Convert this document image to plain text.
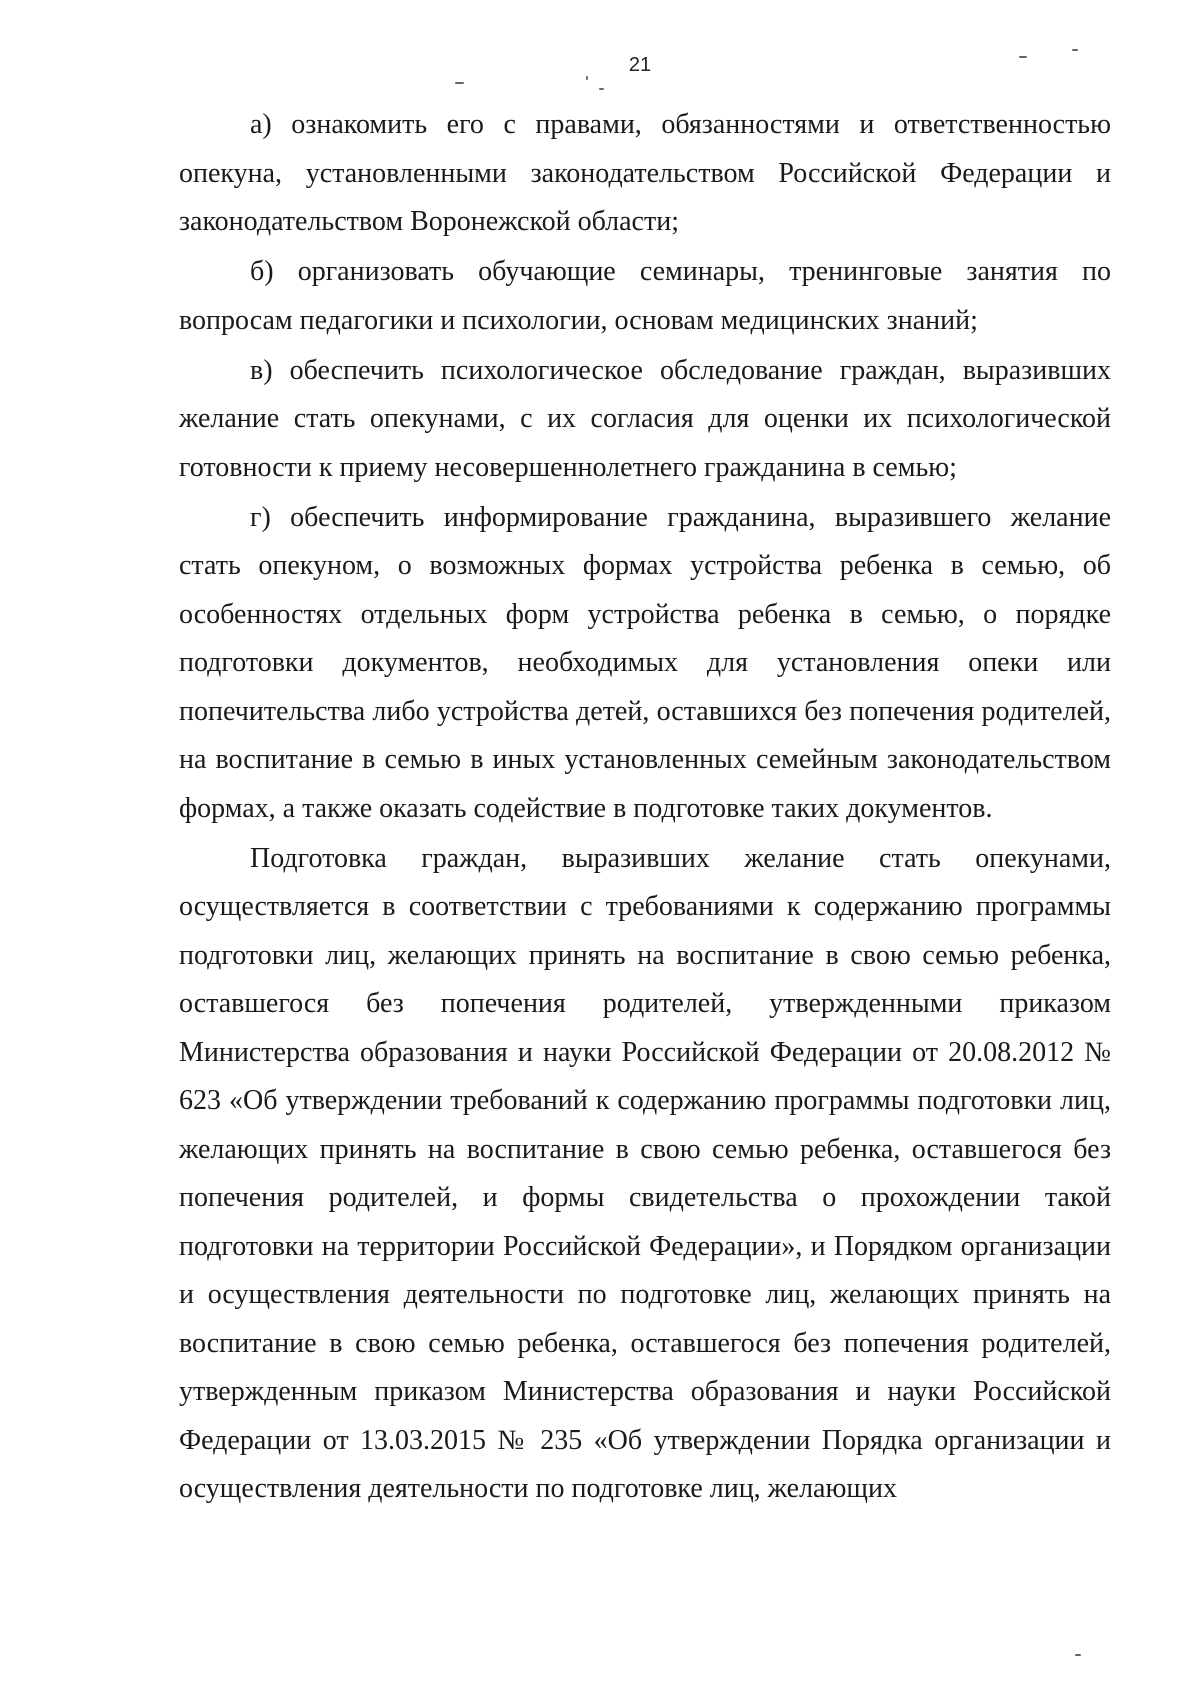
21

а) ознакомить его с правами, обязанностями и ответственностью опекуна, установленными законодательством Российской Федерации и законодательством Воронежской области;

б) организовать обучающие семинары, тренинговые занятия по вопросам педагогики и психологии, основам медицинских знаний;

в) обеспечить психологическое обследование граждан, выразивших желание стать опекунами, с их согласия для оценки их психологической готовности к приему несовершеннолетнего гражданина в семью;

г) обеспечить информирование гражданина, выразившего желание стать опекуном, о возможных формах устройства ребенка в семью, об особенностях отдельных форм устройства ребенка в семью, о порядке подготовки документов, необходимых для установления опеки или попечительства либо устройства детей, оставшихся без попечения родителей, на воспитание в семью в иных установленных семейным законодательством формах, а также оказать содействие в подготовке таких документов.

Подготовка граждан, выразивших желание стать опекунами, осуществляется в соответствии с требованиями к содержанию программы подготовки лиц, желающих принять на воспитание в свою семью ребенка, оставшегося без попечения родителей, утвержденными приказом Министерства образования и науки Российской Федерации от 20.08.2012 № 623 «Об утверждении требований к содержанию программы подготовки лиц, желающих принять на воспитание в свою семью ребенка, оставшегося без попечения родителей, и формы свидетельства о прохождении такой подготовки на территории Российской Федерации», и Порядком организации и осуществления деятельности по подготовке лиц, желающих принять на воспитание в свою семью ребенка, оставшегося без попечения родителей, утвержденным приказом Министерства образования и науки Российской Федерации от 13.03.2015 № 235 «Об утверждении Порядка организации и осуществления деятельности по подготовке лиц, желающих
